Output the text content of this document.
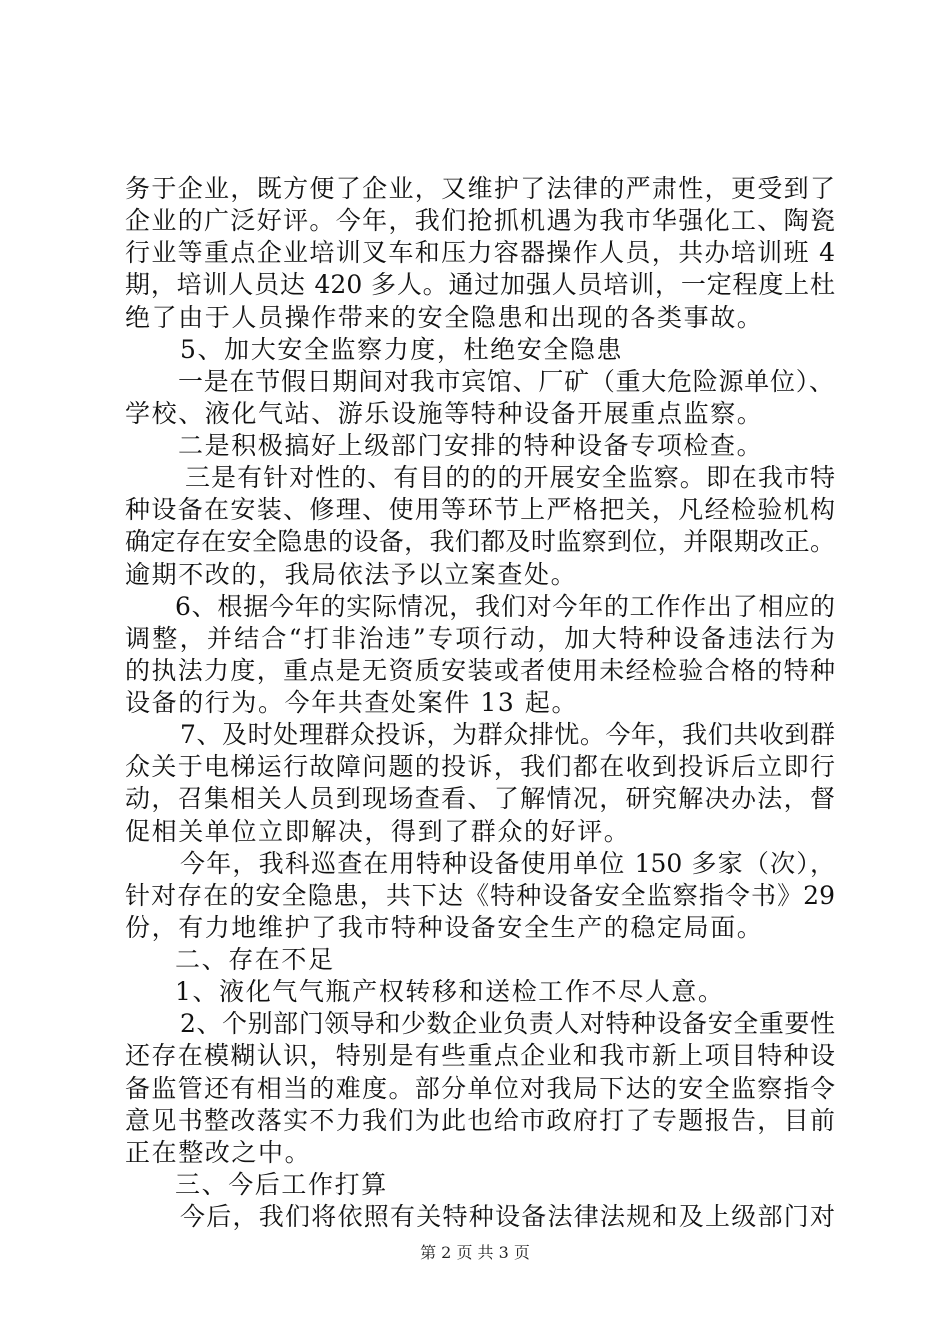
务于企业，既方便了企业，又维护了法律的严肃性，更受到了
企业的广泛好评。今年，我们抢抓机遇为我市华强化工、陶瓷
行业等重点企业培训叉车和压力容器操作人员，共办培训班 4
期，培训人员达 420 多人。通过加强人员培训，一定程度上杜
绝了由于人员操作带来的安全隐患和出现的各类事故。
5、加大安全监察力度，杜绝安全隐患
一是在节假日期间对我市宾馆、厂矿（重大危险源单位）、
学校、液化气站、游乐设施等特种设备开展重点监察。
二是积极搞好上级部门安排的特种设备专项检查。
三是有针对性的、有目的的的开展安全监察。即在我市特
种设备在安装、修理、使用等环节上严格把关，凡经检验机构
确定存在安全隐患的设备，我们都及时监察到位，并限期改正。
逾期不改的，我局依法予以立案查处。
6、根据今年的实际情况，我们对今年的工作作出了相应的
调整，并结合“打非治违”专项行动，加大特种设备违法行为
的执法力度，重点是无资质安装或者使用未经检验合格的特种
设备的行为。今年共查处案件 13 起。
7、及时处理群众投诉，为群众排忧。今年，我们共收到群
众关于电梯运行故障问题的投诉，我们都在收到投诉后立即行
动，召集相关人员到现场查看、了解情况，研究解决办法，督
促相关单位立即解决，得到了群众的好评。
今年，我科巡查在用特种设备使用单位 150 多家（次），
针对存在的安全隐患，共下达《特种设备安全监察指令书》29
份，有力地维护了我市特种设备安全生产的稳定局面。
二、存在不足
1、液化气气瓶产权转移和送检工作不尽人意。
2、个别部门领导和少数企业负责人对特种设备安全重要性
还存在模糊认识，特别是有些重点企业和我市新上项目特种设
备监管还有相当的难度。部分单位对我局下达的安全监察指令
意见书整改落实不力我们为此也给市政府打了专题报告，目前
正在整改之中。
三、今后工作打算
今后，我们将依照有关特种设备法律法规和及上级部门对
第 2 页 共 3 页
